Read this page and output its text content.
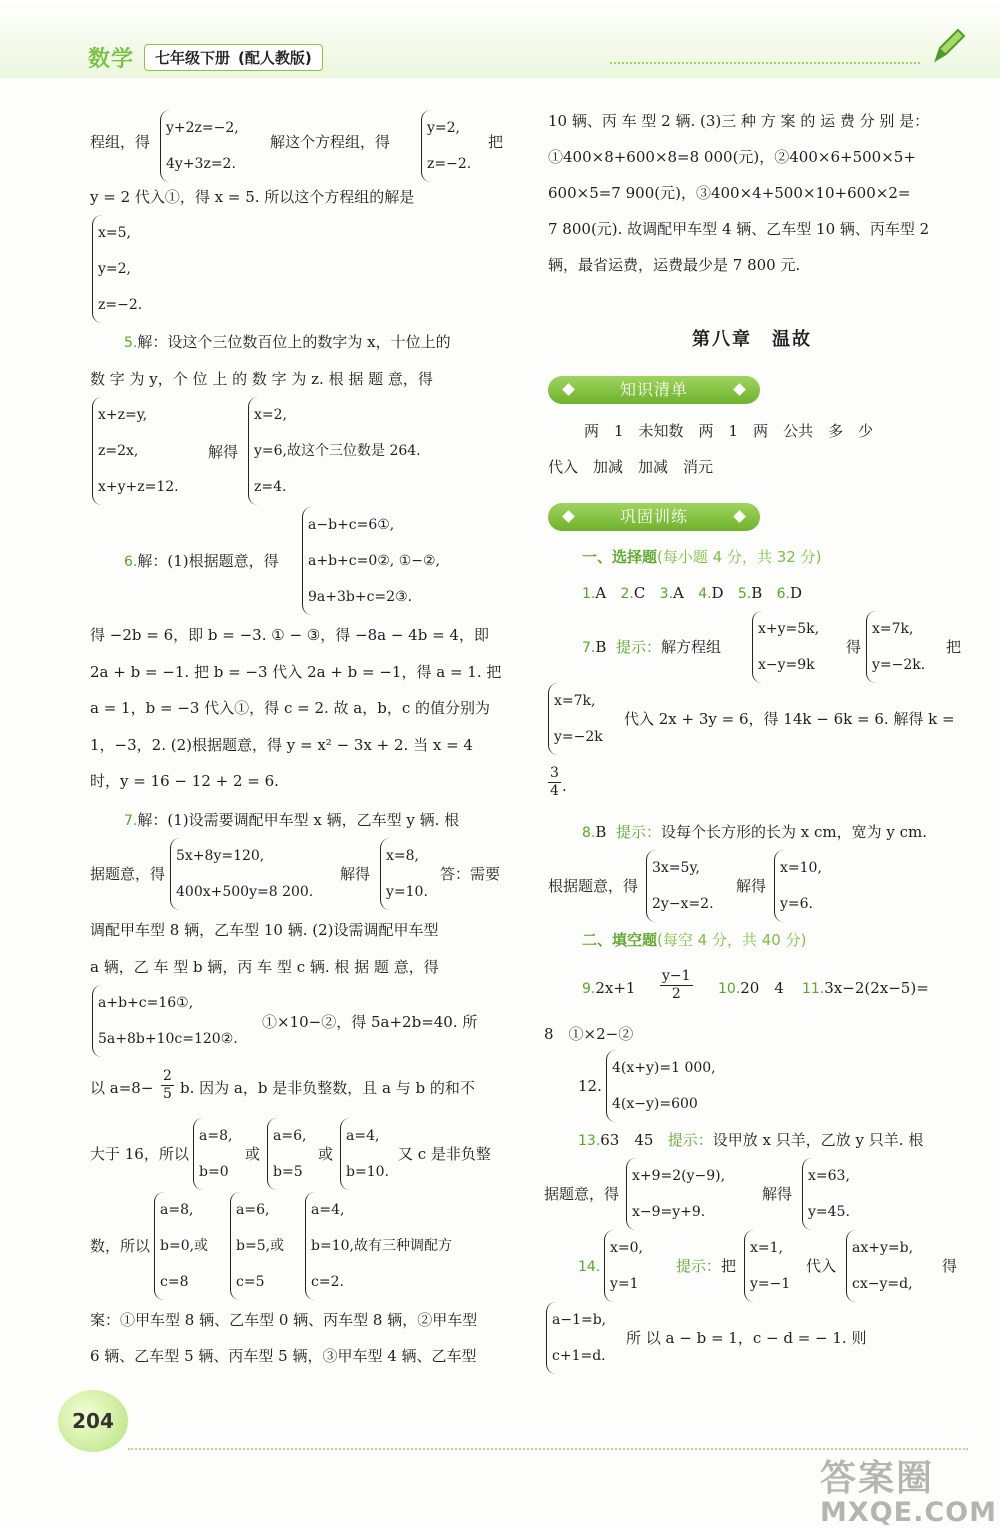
数学	七年级下册 (配人教版)
程组，得
y+2z=−2,
4y+3z=2.
解这个方程组，得
y=2,
z=−2.
把
y = 2 代入①，得 x = 5. 所以这个方程组的解是
x=5,
y=2,
z=−2.
5.解：设这个三位数百位上的数字为 x，十位上的
数 字 为 y，个 位 上 的 数 字 为 z. 根 据 题 意，得
x+z=y,
z=2x,
x+y+z=12.
解得
x=2,
y=6,故这个三位数是 264.
z=4.
6.解：(1)根据题意，得
a−b+c=6①,
a+b+c=0②, ①−②,
9a+3b+c=2③.
得 −2b = 6，即 b = −3. ① − ③，得 −8a − 4b = 4，即
2a + b = −1. 把 b = −3 代入 2a + b = −1，得 a = 1. 把
a = 1，b = −3 代入①，得 c = 2. 故 a，b，c 的值分别为
1，−3，2. (2)根据题意，得 y = x² − 3x + 2. 当 x = 4
时，y = 16 − 12 + 2 = 6.
7.解：(1)设需要调配甲车型 x 辆，乙车型 y 辆. 根
据题意，得
5x+8y=120,
400x+500y=8 200.
解得
x=8,
y=10.
答：需要
调配甲车型 8 辆，乙车型 10 辆. (2)设需调配甲车型
a 辆，乙 车 型 b 辆，丙 车 型 c 辆. 根 据 题 意，得
a+b+c=16①,
5a+8b+10c=120②.
①×10−②，得 5a+2b=40. 所
以 $a=8- \frac{2}{5} b$. 因为 a，b 是非负整数，且 a 与 b 的和不
大于 16，所以
a=8,
b=0
或
a=6,
b=5
或
a=4,
b=10.
又 c 是非负整
数，所以
a=8,
b=0,或
c=8
a=6,
b=5,或
c=5
a=4,
b=10,故有三种调配方
c=2.
案：①甲车型 8 辆、乙车型 0 辆、丙车型 8 辆，②甲车型
6 辆、乙车型 5 辆、丙车型 5 辆，③甲车型 4 辆、乙车型
10 辆、丙 车 型 2 辆. (3)三 种 方 案 的 运 费 分 别 是：
①400×8+600×8=8 000(元)，②400×6+500×5+
600×5=7 900(元)，③400×4+500×10+600×2=
7 800(元). 故调配甲车型 4 辆、乙车型 10 辆、丙车型 2
辆，最省运费，运费最少是 7 800 元.
第八章　温故
知识清单
两　1　未知数　两　1　两　公共　多　少
代入　加减　加减　消元
巩固训练
一、选择题(每小题 4 分，共 32 分)
1.A 2.C 3.A 4.D 5.B 6.D
7.B 提示：解方程组
x+y=5k,
x−y=9k
得
x=7k,
y=−2k.
把
x=7k,
y=−2k
代入 2x + 3y = 6，得 14k − 6k = 6. 解得 k =
$\frac{3}{4}$ .
8.B 提示：设每个长方形的长为 x cm，宽为 y cm.
根据题意，得
3x=5y,
2y−x=2.
解得
x=10,
y=6.
二、填空题(每空 4 分，共 40 分)
$9.2x+1 \frac{y-1}{2} 10.20$　4 11.3x−2(2x−5)=
8　①×2−②
12.
4(x+y)=1 000,
4(x−y)=600
13.63　45 提示：设甲放 x 只羊，乙放 y 只羊. 根
据题意，得
x+9=2(y−9),
x−9=y+9.
解得
x=63,
y=45.
14.
x=0,
y=1
提示：把
x=1,
y=−1
代入
ax+y=b,
cx−y=d,
得
a−1=b,
c+1=d.
所 以 a − b = 1，c − d = − 1. 则
204
答案圈
MXQE.COM
